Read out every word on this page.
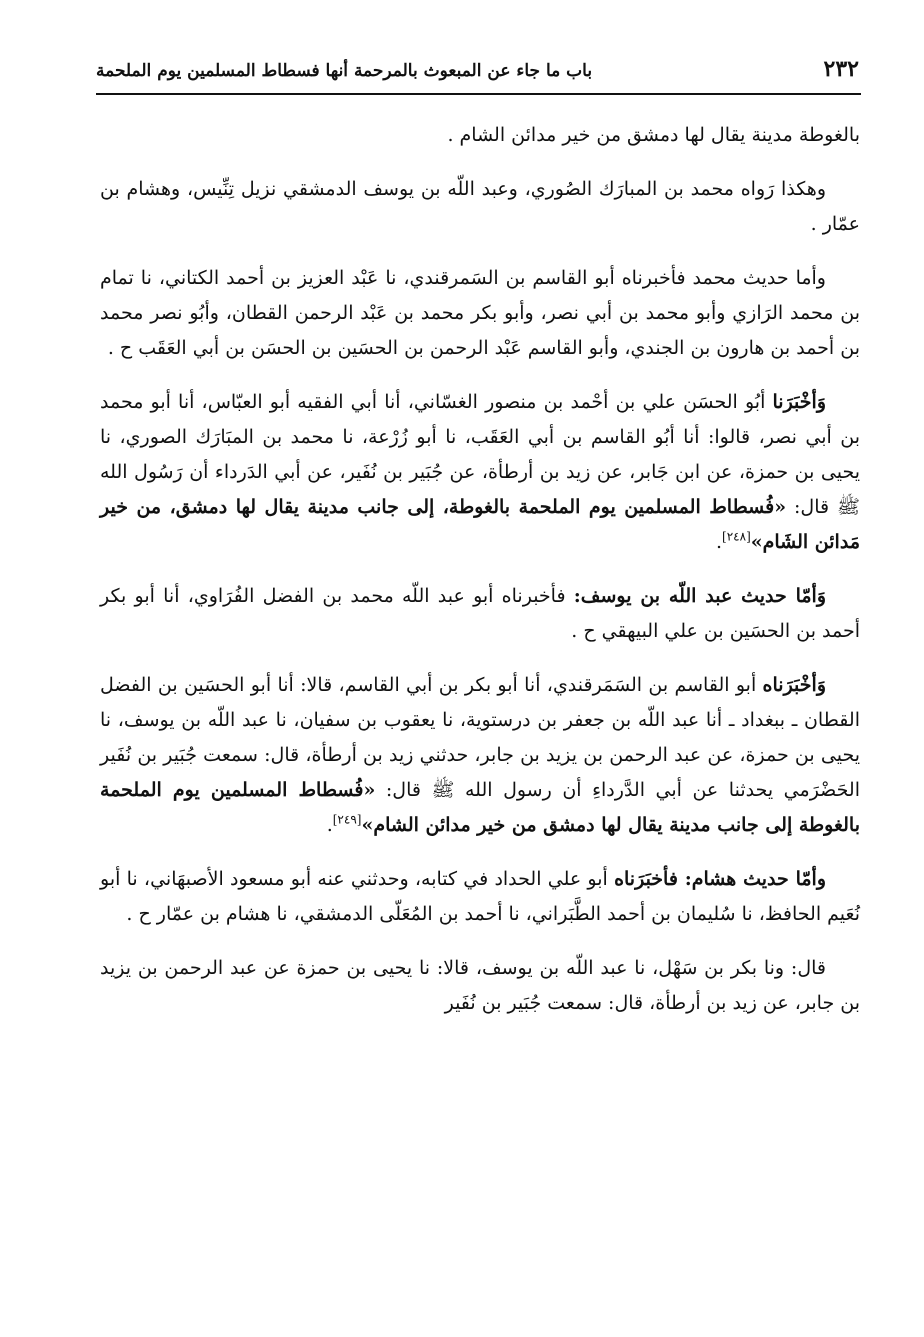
٢٣٢
باب ما جاء عن المبعوث بالمرحمة أنها فسطاط المسلمين يوم الملحمة

بالغوطة مدينة يقال لها دمشق من خير مدائن الشام .

وهكذا رَواه محمد بن المبارَك الصُوري، وعبد اللّه بن يوسف الدمشقي نزيل تِنِّيس، وهشام بن عمّار .

وأما حديث محمد فأخبرناه أبو القاسم بن السَمرقندي، نا عَبْد العزيز بن أحمد الكتاني، نا تمام بن محمد الرَازي وأبو محمد بن أبي نصر، وأبو بكر محمد بن عَبْد الرحمن القطان، وأبُو نصر محمد بن أحمد بن هارون بن الجندي، وأبو القاسم عَبْد الرحمن بن الحسَين بن الحسَن بن أبي العَقَب ح .

وَأخْبَرَنا أبُو الحسَن علي بن أحْمد بن منصور الغسّاني، أنا أبي الفقيه أبو العبّاس، أنا أبو محمد بن أبي نصر، قالوا: أنا أبُو القاسم بن أبي العَقَب، نا أبو زُرْعة، نا محمد بن المبَارَك الصوري، نا يحيى بن حمزة، عن ابن جَابر، عن زيد بن أرطأة، عن جُبَير بن نُفَير، عن أبي الدَرداء أن رَسُول الله ﷺ قال: «فُسطاط المسلمين يوم الملحمة بالغوطة، إلى جانب مدينة يقال لها دمشق، من خير مَدائن الشَام»[٢٤٨].

وَأمّا حديث عبد اللّه بن يوسف: فأخبرناه أبو عبد اللّه محمد بن الفضل الفُرَاوي، أنا أبو بكر أحمد بن الحسَين بن علي البيهقي ح .

وَأخْبَرَناه أبو القاسم بن السَمَرقندي، أنا أبو بكر بن أبي القاسم، قالا: أنا أبو الحسَين بن الفضل القطان ـ ببغداد ـ أنا عبد اللّه بن جعفر بن درستوية، نا يعقوب بن سفيان، نا عبد اللّه بن يوسف، نا يحيى بن حمزة، عن عبد الرحمن بن يزيد بن جابر، حدثني زيد بن أرطأة، قال: سمعت جُبَير بن نُفَير الحَضْرَمي يحدثنا عن أبي الدَّرداءِ أن رسول الله ﷺ قال: «فُسطاط المسلمين يوم الملحمة بالغوطة إلى جانب مدينة يقال لها دمشق من خير مدائن الشام»[٢٤٩].

وأمّا حديث هشام: فأخبَرَناه أبو علي الحداد في كتابه، وحدثني عنه أبو مسعود الأصبهَاني، نا أبو نُعَيم الحافظ، نا سُليمان بن أحمد الطَّبَراني، نا أحمد بن المُعَلّى الدمشقي، نا هشام بن عمّار ح .

قال: ونا بكر بن سَهْل، نا عبد اللّه بن يوسف، قالا: نا يحيى بن حمزة عن عبد الرحمن بن يزيد بن جابر، عن زيد بن أرطأة، قال: سمعت جُبَير بن نُفَير
